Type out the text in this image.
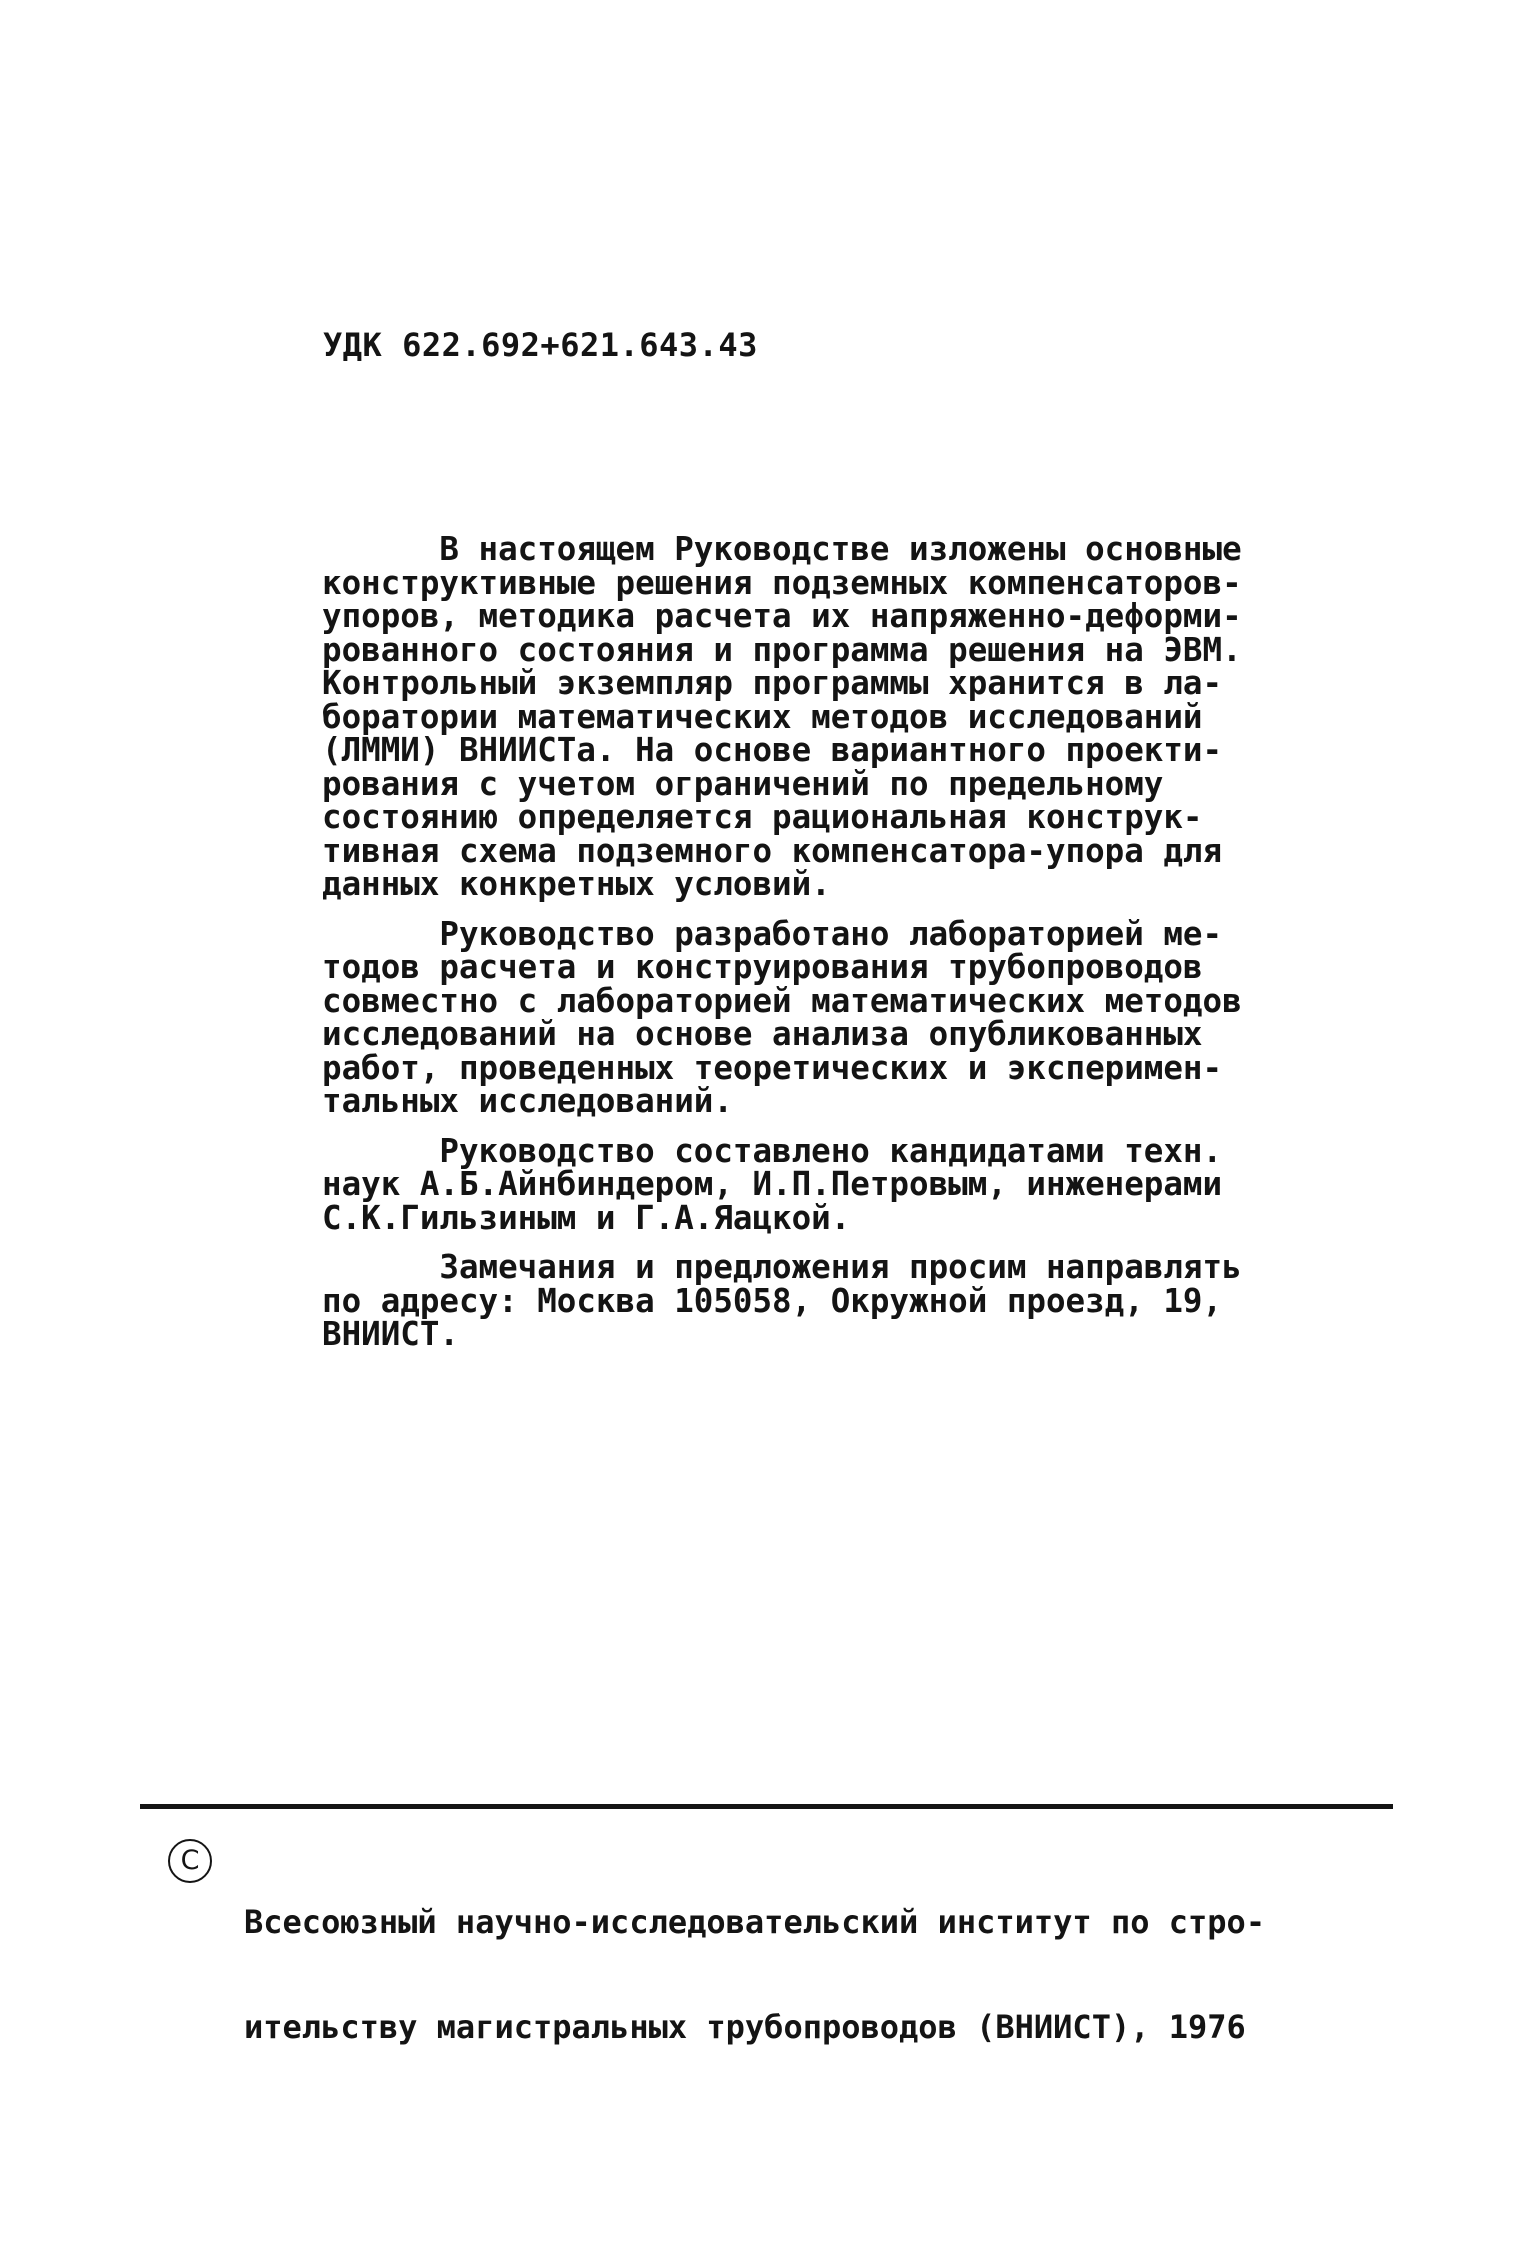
УДК 622.692+621.643.43
В настоящем Руководстве изложены основные
конструктивные решения подземных компенсаторов-
упоров, методика расчета их напряженно-деформи-
рованного состояния и программа решения на ЭВМ.
Контрольный экземпляр программы хранится в ла-
боратории математических методов исследований
(ЛММИ) ВНИИСТа. На основе вариантного проекти-
рования с учетом ограничений по предельному
состоянию определяется рациональная конструк-
тивная схема подземного компенсатора-упора для
данных конкретных условий.
Руководство разработано лабораторией ме-
тодов расчета и конструирования трубопроводов
совместно с лабораторией математических методов
исследований на основе анализа опубликованных
работ, проведенных теоретических и эксперимен-
тальных исследований.
Руководство составлено кандидатами техн.
наук А.Б.Айнбиндером, И.П.Петровым, инженерами
С.К.Гильзиным и Г.А.Яацкой.
Замечания и предложения просим направлять
по адресу: Москва 105058, Окружной проезд, 19,
ВНИИСТ.
C

Всесоюзный научно-исследовательский институт по стро-

ительству магистральных трубопроводов (ВНИИСТ), 1976
